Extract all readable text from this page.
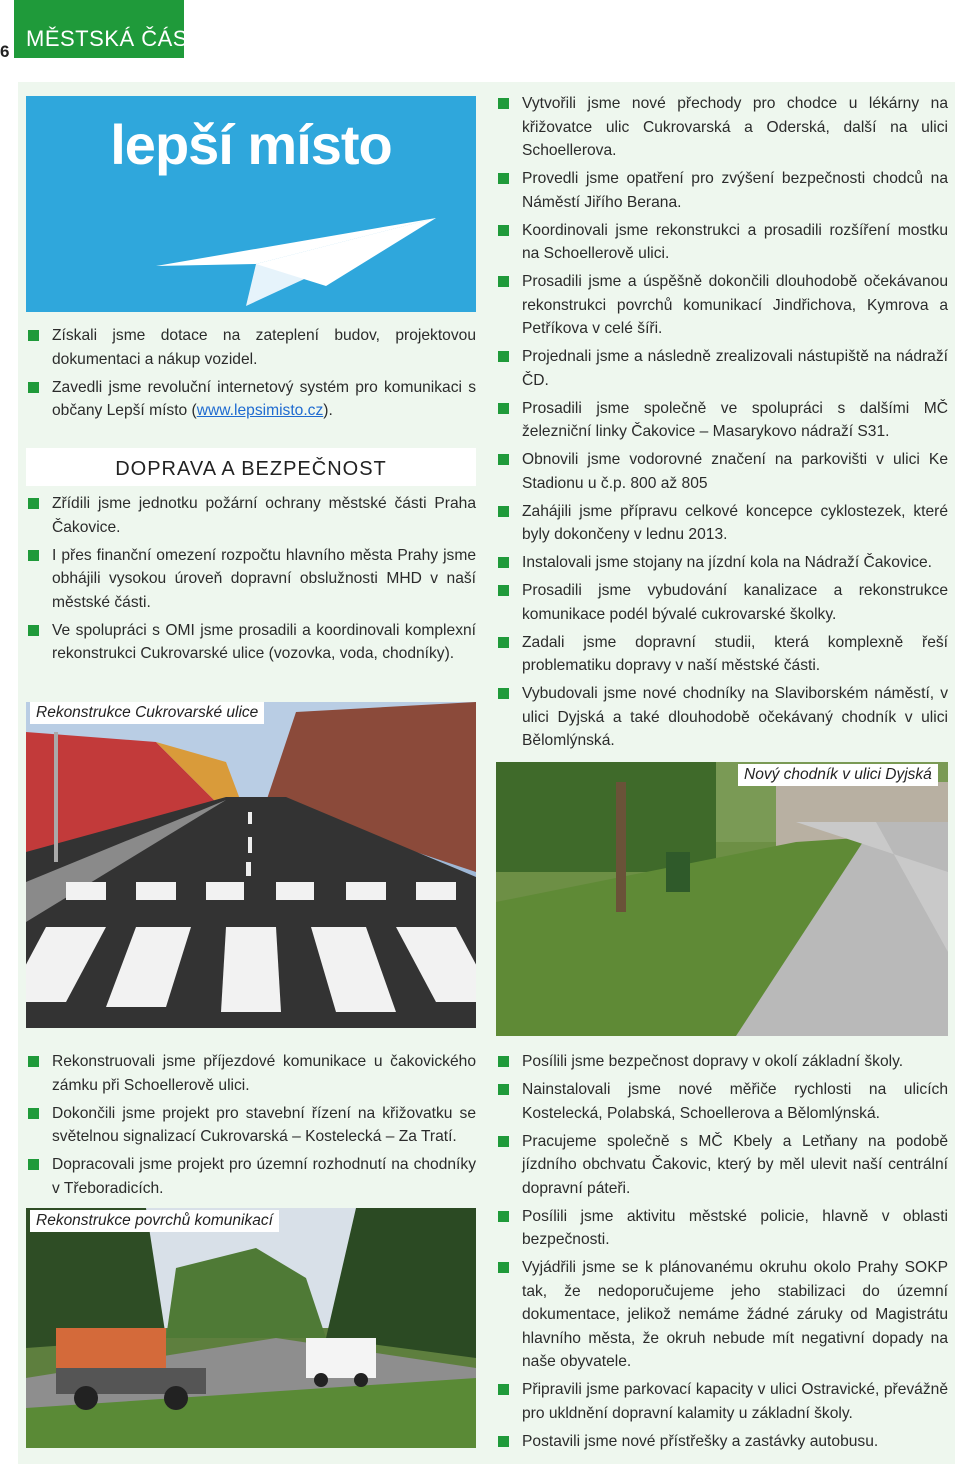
6
MĚSTSKÁ ČÁST
lepší místo
Získali jsme dotace na zateplení budov, projektovou dokumentaci a nákup vozidel.
Zavedli jsme revoluční internetový systém pro komunikaci s občany Lepší místo (www.lepsimisto.cz).
DOPRAVA A BEZPEČNOST
Zřídili jsme jednotku požární ochrany městské části Praha Čakovice.
I přes finanční omezení rozpočtu hlavního města Prahy jsme obhájili vysokou úroveň dopravní obslužnosti MHD v naší městské části.
Ve spolupráci s OMI jsme prosadili a koordinovali komplexní rekonstrukci Cukrovarské ulice (vozovka, voda, chodníky).
Rekonstrukce Cukrovarské ulice
Vytvořili jsme nové přechody pro chodce u lékárny na křižovatce ulic Cukrovarská a Oderská, další na ulici Schoellerova.
Provedli jsme opatření pro zvýšení bezpečnosti chodců na Náměstí Jiřího Berana.
Koordinovali jsme rekonstrukci a prosadili rozšíření mostku na Schoellerově ulici.
Prosadili jsme a úspěšně dokončili dlouhodobě očekávanou rekonstrukci povrchů komunikací Jindřichova, Kymrova a Petříkova v celé šíři.
Projednali jsme a následně zrealizovali nástupiště na nádraží ČD.
Prosadili jsme společně ve spolupráci s dalšími MČ železniční linky Čakovice – Masarykovo nádraží S31.
Obnovili jsme vodorovné značení na parkovišti v ulici Ke Stadionu u č.p. 800 až 805
Zahájili jsme přípravu celkové koncepce cyklostezek, které byly dokončeny v lednu 2013.
Instalovali jsme stojany na jízdní kola na Nádraží Čakovice.
Prosadili jsme vybudování kanalizace a rekonstrukce komunikace podél bývalé cukrovarské školky.
Zadali jsme dopravní studii, která komplexně řeší problematiku dopravy v naší městské části.
Vybudovali jsme nové chodníky na Slaviborském náměstí, v ulici Dyjská a také dlouhodobě očekávaný chodník v ulici Bělomlýnská.
Nový chodník v ulici Dyjská
Rekonstruovali jsme příjezdové komunikace u čakovického zámku při Schoellerově ulici.
Dokončili jsme projekt pro stavební řízení na křižovatku se světelnou signalizací Cukrovarská – Kostelecká – Za Tratí.
Dopracovali jsme projekt pro územní rozhodnutí na chodníky v Třeboradicích.
Rekonstrukce povrchů komunikací
Posílili jsme bezpečnost dopravy v okolí základní školy.
Nainstalovali jsme nové měřiče rychlosti na ulicích Kostelecká, Polabská, Schoellerova a Bělomlýnská.
Pracujeme společně s MČ Kbely a Letňany na podobě jízdního obchvatu Čakovic, který by měl ulevit naší centrální dopravní páteři.
Posílili jsme aktivitu městské policie, hlavně v oblasti bezpečnosti.
Vyjádřili jsme se k plánovanému okruhu okolo Prahy SOKP tak, že nedoporučujeme jeho stabilizaci do územní dokumentace, jelikož nemáme žádné záruky od Magistrátu hlavního města, že okruh nebude mít negativní dopady na naše obyvatele.
Připravili jsme parkovací kapacity v ulici Ostravické, převážně pro ukldnění dopravní kalamity u základní školy.
Postavili jsme nové přístřešky a zastávky autobusu.
